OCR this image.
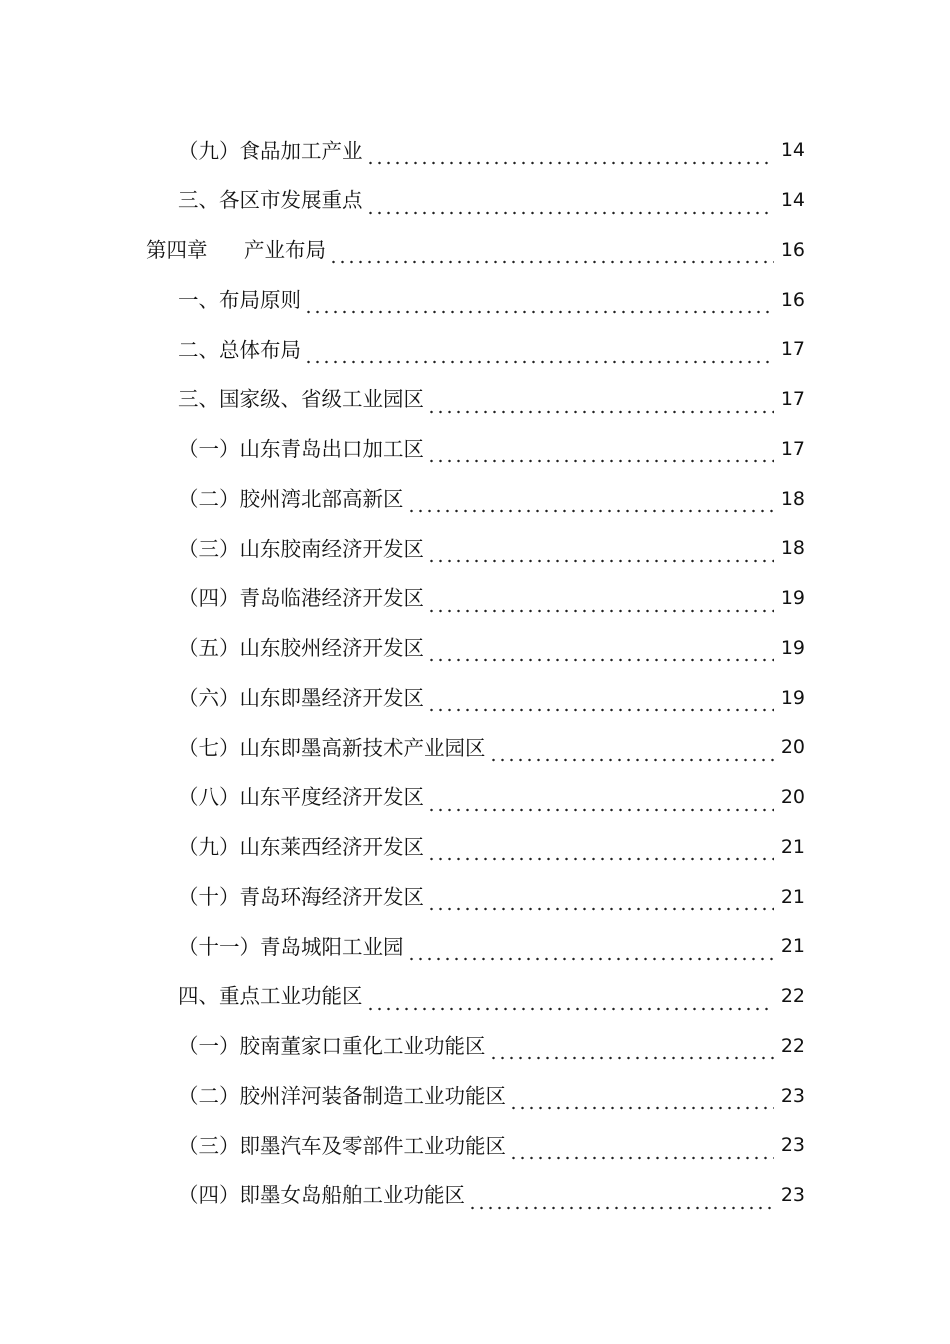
（九）食品加工产业	14
三、各区市发展重点	14
第四章 产业布局	16
一、布局原则	16
二、总体布局	17
三、国家级、省级工业园区	17
（一）山东青岛出口加工区	17
（二）胶州湾北部高新区	18
（三）山东胶南经济开发区	18
（四）青岛临港经济开发区	19
（五）山东胶州经济开发区	19
（六）山东即墨经济开发区	19
（七）山东即墨高新技术产业园区	20
（八）山东平度经济开发区	20
（九）山东莱西经济开发区	21
（十）青岛环海经济开发区	21
（十一）青岛城阳工业园	21
四、重点工业功能区	22
（一）胶南董家口重化工业功能区	22
（二）胶州洋河装备制造工业功能区	23
（三）即墨汽车及零部件工业功能区	23
（四）即墨女岛船舶工业功能区	23
